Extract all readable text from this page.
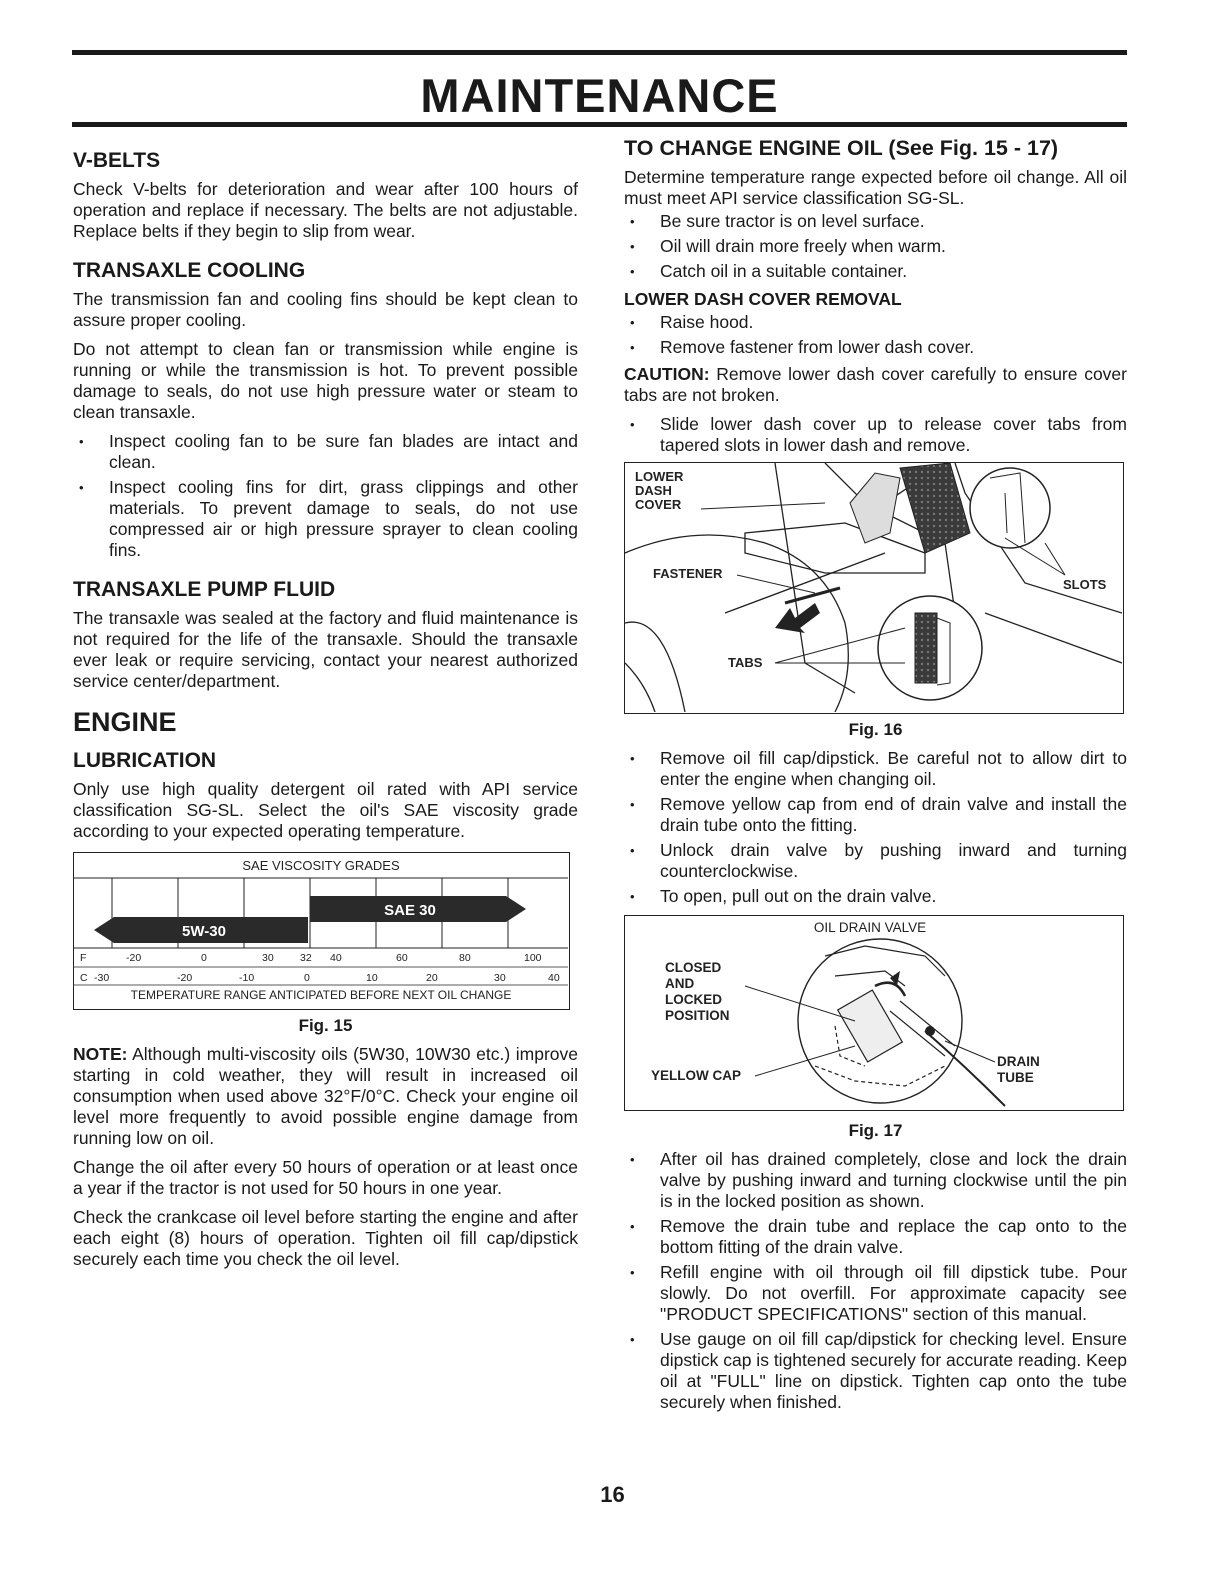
MAINTENANCE
V-BELTS

Check V-belts for deterioration and wear after 100 hours of operation and replace if necessary. The belts are not adjustable. Replace belts if they begin to slip from wear.

TRANSAXLE COOLING

The transmission fan and cooling fins should be kept clean to assure proper cooling.

Do not attempt to clean fan or transmission while engine is running or while the transmission is hot. To prevent possible damage to seals, do not use high pressure water or steam to clean transaxle.

• Inspect cooling fan to be sure fan blades are intact and clean.
• Inspect cooling fins for dirt, grass clippings and other materials. To prevent damage to seals, do not use compressed air or high pressure sprayer to clean cooling fins.
TRANSAXLE PUMP FLUID

The transaxle was sealed at the factory and fluid maintenance is not required for the life of the transaxle. Should the transaxle ever leak or require servicing, contact your nearest authorized service center/department.

ENGINE
LUBRICATION

Only use high quality detergent oil rated with API service classification SG-SL. Select the oil's SAE viscosity grade according to your expected operating temperature.

SAE VISCOSITY GRADES
SAE 30
5W-30
F	-20	0	30	32 40	60	80	100
C -30	-20	-10	0	10	20	30	40
TEMPERATURE RANGE ANTICIPATED BEFORE NEXT OIL CHANGE
Fig. 15

NOTE: Although multi-viscosity oils (5W30, 10W30 etc.) improve starting in cold weather, they will result in increased oil consumption when used above 32°F/0°C. Check your engine oil level more frequently to avoid possible engine damage from running low on oil.

Change the oil after every 50 hours of operation or at least once a year if the tractor is not used for 50 hours in one year.

Check the crankcase oil level before starting the engine and after each eight (8) hours of operation. Tighten oil fill cap/dipstick securely each time you check the oil level.

TO CHANGE ENGINE OIL (See Fig. 15 - 17)

Determine temperature range expected before oil change. All oil must meet API service classification SG-SL.

• Be sure tractor is on level surface.
• Oil will drain more freely when warm.
• Catch oil in a suitable container.
LOWER DASH COVER REMOVAL
• Raise hood.
• Remove fastener from lower dash cover.

CAUTION: Remove lower dash cover carefully to ensure cover tabs are not broken.

• Slide lower dash cover up to release cover tabs from tapered slots in lower dash and remove.
LOWER
DASH
COVER
FASTENER
TABS
SLOTS
Fig. 16
• Remove oil fill cap/dipstick. Be careful not to allow dirt to enter the engine when changing oil.
• Remove yellow cap from end of drain valve and install the drain tube onto the fitting.
• Unlock drain valve by pushing inward and turning counterclockwise.
• To open, pull out on the drain valve.
OIL DRAIN VALVE
CLOSED
AND
LOCKED
POSITION
YELLOW CAP
DRAIN
TUBE
Fig. 17
• After oil has drained completely, close and lock the drain valve by pushing inward and turning clockwise until the pin is in the locked position as shown.
• Remove the drain tube and replace the cap onto to the bottom fitting of the drain valve.
• Refill engine with oil through oil fill dipstick tube. Pour slowly. Do not overfill. For approximate capacity see "PRODUCT SPECIFICATIONS" section of this manual.
• Use gauge on oil fill cap/dipstick for checking level. Ensure dipstick cap is tightened securely for accurate reading. Keep oil at "FULL" line on dipstick. Tighten cap onto the tube securely when finished.
16
